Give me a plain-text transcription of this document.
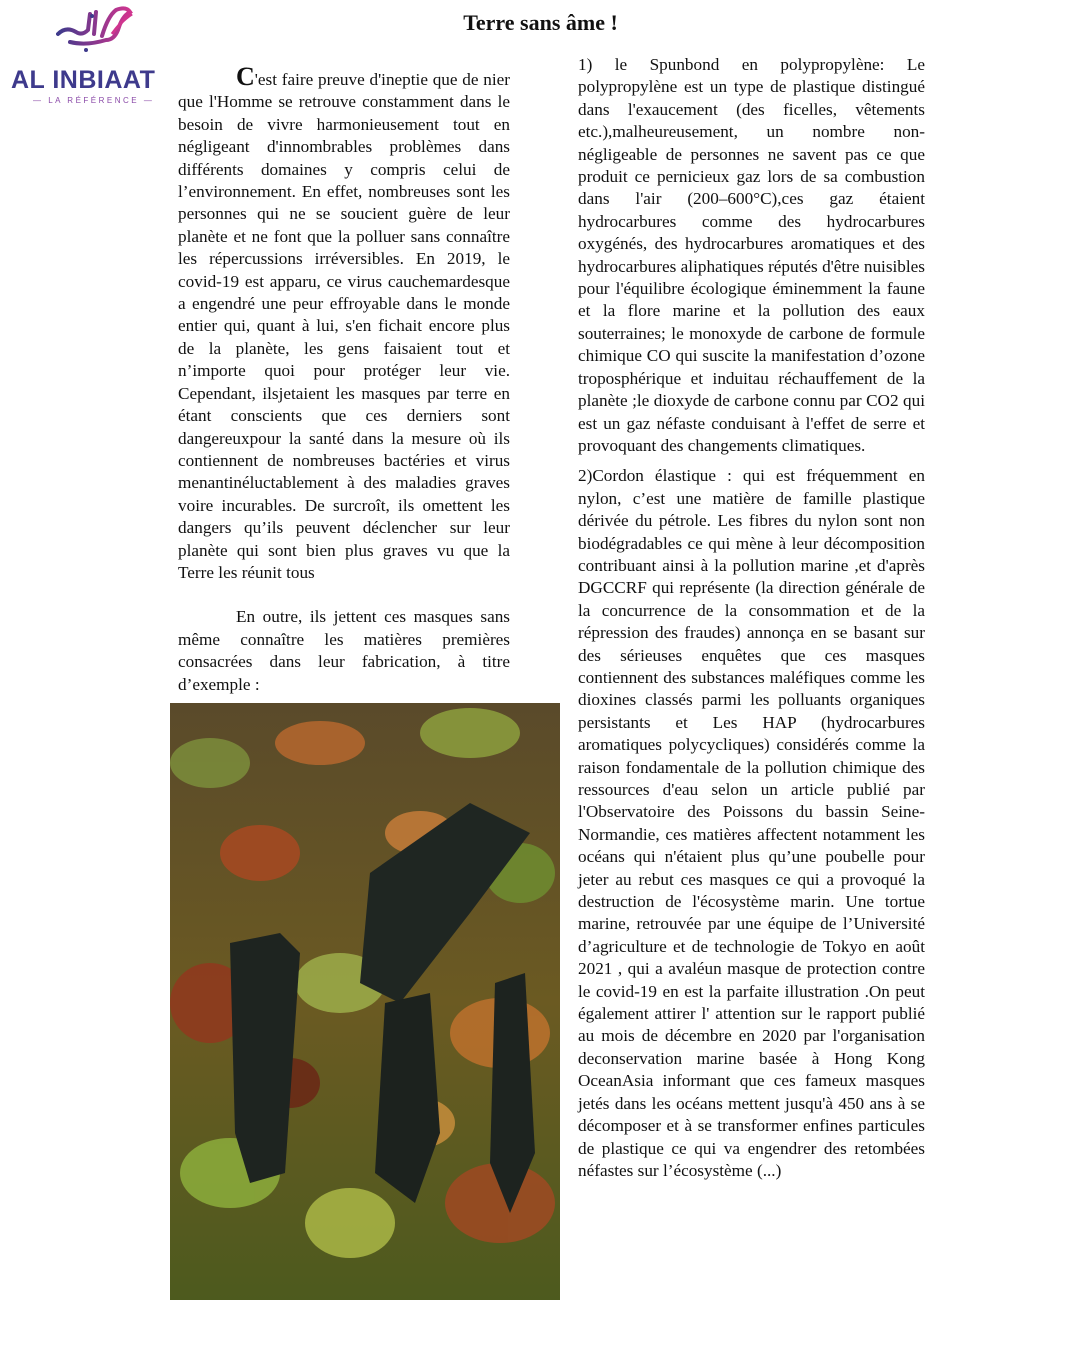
AL INBIAAT
— LA RÉFÉRENCE —
Terre sans âme !

C'est faire preuve d'ineptie que de nier que l'Homme se retrouve constamment dans le besoin de vivre harmonieusement tout en négligeant d'innombrables problèmes dans différents domaines y compris celui de l’environnement. En effet, nombreuses sont les personnes qui ne se soucient guère de leur planète et ne font que la polluer sans connaître les répercussions irréversibles. En 2019, le covid-19 est apparu, ce virus cauchemardesque a engendré une peur effroyable dans le monde entier qui, quant à lui, s'en fichait encore plus de la planète, les gens faisaient tout et n’importe quoi pour protéger leur vie. Cependant, ilsjetaient les masques par terre en étant conscients que ces derniers sont dangereuxpour la santé dans la mesure où ils contiennent de nombreuses bactéries et virus menantinéluctablement à des maladies graves voire incurables. De surcroît, ils omettent les dangers qu’ils peuvent déclencher sur leur planète qui sont bien plus graves vu que la Terre les réunit tous

En outre, ils jettent ces masques sans même connaître les matières premières consacrées dans leur fabrication, à titre d’exemple :

1) le Spunbond en polypropylène: Le polypropylène est un type de plastique distingué dans l'exaucement (des ficelles, vêtements etc.),malheureusement, un nombre non-négligeable de personnes ne savent pas ce que produit ce pernicieux gaz lors de sa combustion dans l'air (200–600°C),ces gaz étaient hydrocarbures comme des hydrocarbures oxygénés, des hydrocarbures aromatiques et des hydrocarbures aliphatiques réputés d'être nuisibles pour l'équilibre écologique éminemment la faune et la flore marine et la pollution des eaux souterraines; le monoxyde de carbone de formule chimique CO qui suscite la manifestation d’ozone troposphérique et induitau réchauffement de la planète ;le dioxyde de carbone connu par CO2 qui est un gaz néfaste conduisant à l'effet de serre et provoquant des changements climatiques.

2)Cordon élastique : qui est fréquemment en nylon, c’est une matière de famille plastique dérivée du pétrole. Les fibres du nylon sont non biodégradables ce qui mène à leur décomposition contribuant ainsi à la pollution marine ,et d'après DGCCRF qui représente (la direction générale de la concurrence de la consommation et de la répression des fraudes) annonça en se basant sur des sérieuses enquêtes que ces masques contiennent des substances maléfiques comme les dioxines classés parmi les polluants organiques persistants et Les HAP (hydrocarbures aromatiques polycycliques) considérés comme la raison fondamentale de la pollution chimique des ressources d'eau selon un article publié par l'Observatoire des Poissons du bassin Seine-Normandie, ces matières affectent notamment les océans qui n'étaient plus qu’une poubelle pour jeter au rebut ces masques ce qui a provoqué la destruction de l'écosystème marin. Une tortue marine, retrouvée par une équipe de l’Université d’agriculture et de technologie de Tokyo en août 2021 , qui a avaléun masque de protection contre le covid-19 en est la parfaite illustration .On peut également attirer l' attention sur le rapport publié au mois de décembre en 2020 par l'organisation deconservation marine basée à Hong Kong OceanAsia informant que ces fameux masques jetés dans les océans mettent jusqu'à 450 ans à se décomposer et à se transformer enfines particules de plastique ce qui va engendrer des retombées néfastes sur l’écosystème (...)
